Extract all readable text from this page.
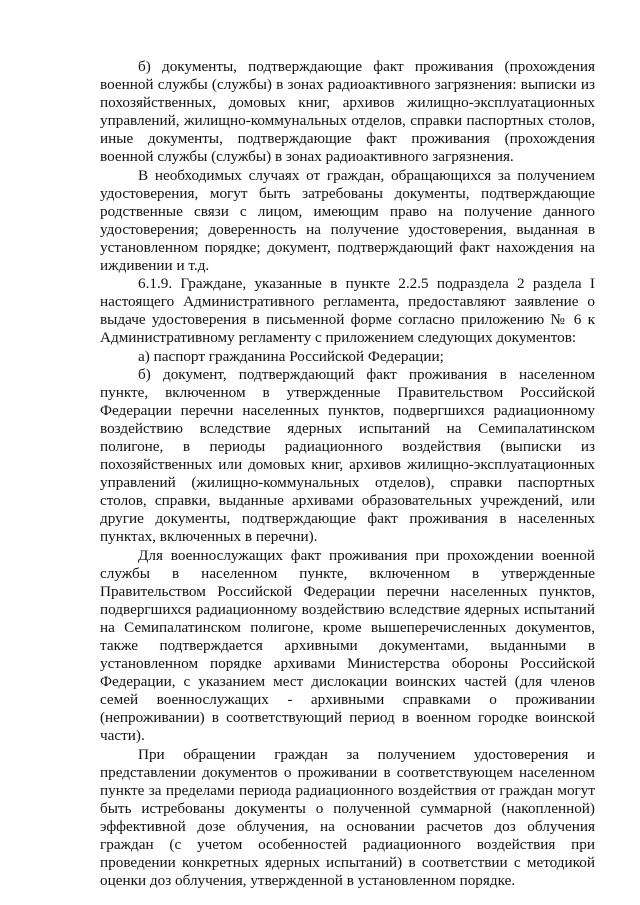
б) документы, подтверждающие факт проживания (прохождения военной службы (службы) в зонах радиоактивного загрязнения: выписки из похозяйственных, домовых книг, архивов жилищно-эксплуатационных управлений, жилищно-коммунальных отделов, справки паспортных столов, иные документы, подтверждающие факт проживания (прохождения военной службы (службы) в зонах радиоактивного загрязнения.

В необходимых случаях от граждан, обращающихся за получением удостоверения, могут быть затребованы документы, подтверждающие родственные связи с лицом, имеющим право на получение данного удостоверения; доверенность на получение удостоверения, выданная в установленном порядке; документ, подтверждающий факт нахождения на иждивении и т.д.

6.1.9. Граждане, указанные в пункте 2.2.5 подраздела 2 раздела I настоящего Административного регламента, предоставляют заявление о выдаче удостоверения в письменной форме согласно приложению № 6 к Административному регламенту с приложением следующих документов:

а) паспорт гражданина Российской Федерации;

б) документ, подтверждающий факт проживания в населенном пункте, включенном в утвержденные Правительством Российской Федерации перечни населенных пунктов, подвергшихся радиационному воздействию вследствие ядерных испытаний на Семипалатинском полигоне, в периоды радиационного воздействия (выписки из похозяйственных или домовых книг, архивов жилищно-эксплуатационных управлений (жилищно-коммунальных отделов), справки паспортных столов, справки, выданные архивами образовательных учреждений, или другие документы, подтверждающие факт проживания в населенных пунктах, включенных в перечни).

Для военнослужащих факт проживания при прохождении военной службы в населенном пункте, включенном в утвержденные Правительством Российской Федерации перечни населенных пунктов, подвергшихся радиационному воздействию вследствие ядерных испытаний на Семипалатинском полигоне, кроме вышеперечисленных документов, также подтверждается архивными документами, выданными в установленном порядке архивами Министерства обороны Российской Федерации, с указанием мест дислокации воинских частей (для членов семей военнослужащих - архивными справками о проживании (непроживании) в соответствующий период в военном городке воинской части).

При обращении граждан за получением удостоверения и представлении документов о проживании в соответствующем населенном пункте за пределами периода радиационного воздействия от граждан могут быть истребованы документы о полученной суммарной (накопленной) эффективной дозе облучения, на основании расчетов доз облучения граждан (с учетом особенностей радиационного воздействия при проведении конкретных ядерных испытаний) в соответствии с методикой оценки доз облучения, утвержденной в установленном порядке.
